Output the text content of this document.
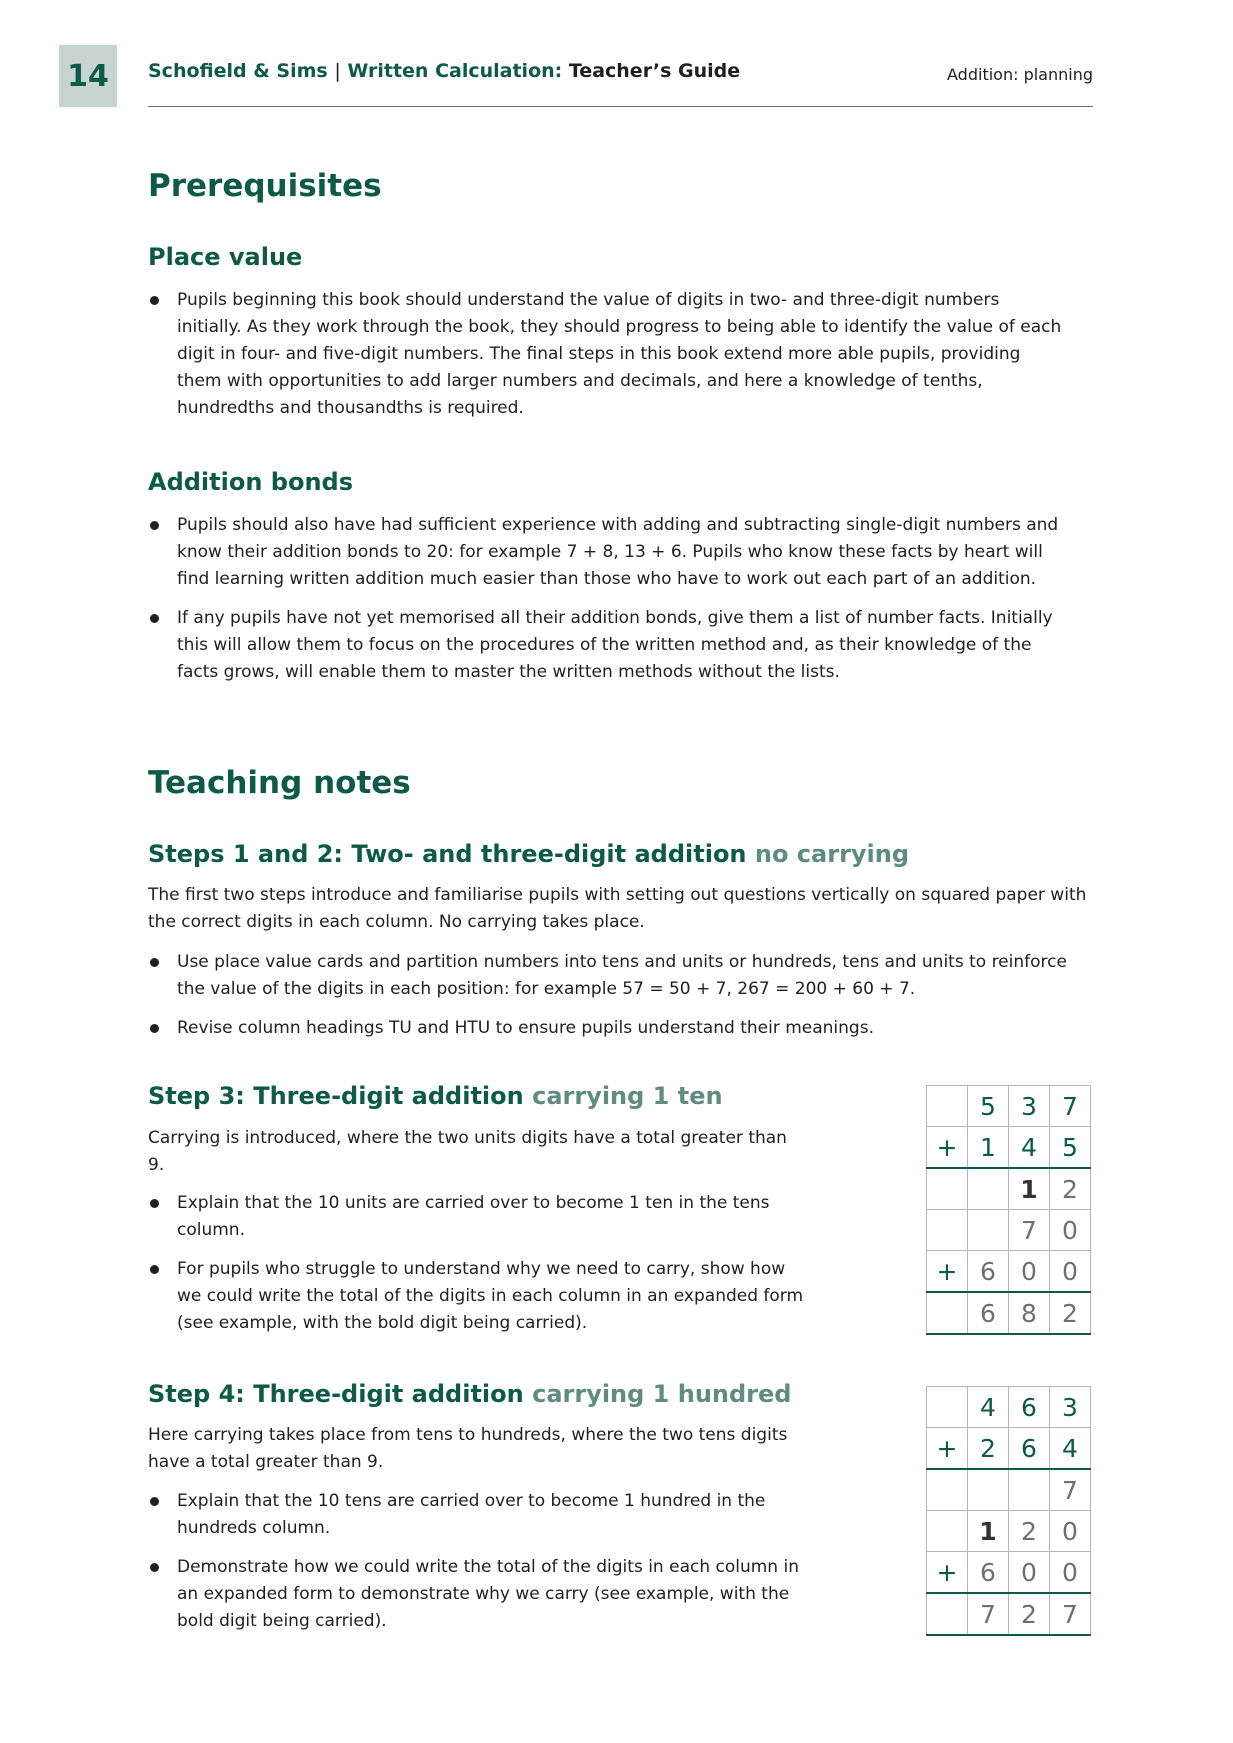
14	Schofield & Sims | Written Calculation: Teacher’s Guide	Addition: planning
Prerequisites
Place value
Pupils beginning this book should understand the value of digits in two- and three-digit numbers initially. As they work through the book, they should progress to being able to identify the value of each digit in four- and five-digit numbers. The final steps in this book extend more able pupils, providing them with opportunities to add larger numbers and decimals, and here a knowledge of tenths, hundredths and thousandths is required.
Addition bonds
Pupils should also have had sufficient experience with adding and subtracting single-digit numbers and know their addition bonds to 20: for example 7 + 8, 13 + 6. Pupils who know these facts by heart will find learning written addition much easier than those who have to work out each part of an addition.
If any pupils have not yet memorised all their addition bonds, give them a list of number facts. Initially this will allow them to focus on the procedures of the written method and, as their knowledge of the facts grows, will enable them to master the written methods without the lists.
Teaching notes
Steps 1 and 2: Two- and three-digit addition no carrying

The first two steps introduce and familiarise pupils with setting out questions vertically on squared paper with the correct digits in each column. No carrying takes place.

Use place value cards and partition numbers into tens and units or hundreds, tens and units to reinforce the value of the digits in each position: for example 57 = 50 + 7, 267 = 200 + 60 + 7.
Revise column headings TU and HTU to ensure pupils understand their meanings.
Step 3: Three-digit addition carrying 1 ten

Carrying is introduced, where the two units digits have a total greater than 9.

Explain that the 10 units are carried over to become 1 ten in the tens column.
For pupils who struggle to understand why we need to carry, show how we could write the total of the digits in each column in an expanded form (see example, with the bold digit being carried).
	5	3	7
+	1	4	5
		1	2
		7	0
+	6	0	0
	6	8	2
Step 4: Three-digit addition carrying 1 hundred

Here carrying takes place from tens to hundreds, where the two tens digits have a total greater than 9.

Explain that the 10 tens are carried over to become 1 hundred in the hundreds column.
Demonstrate how we could write the total of the digits in each column in an expanded form to demonstrate why we carry (see example, with the bold digit being carried).
	4	6	3
+	2	6	4
			7
	1	2	0
+	6	0	0
	7	2	7
